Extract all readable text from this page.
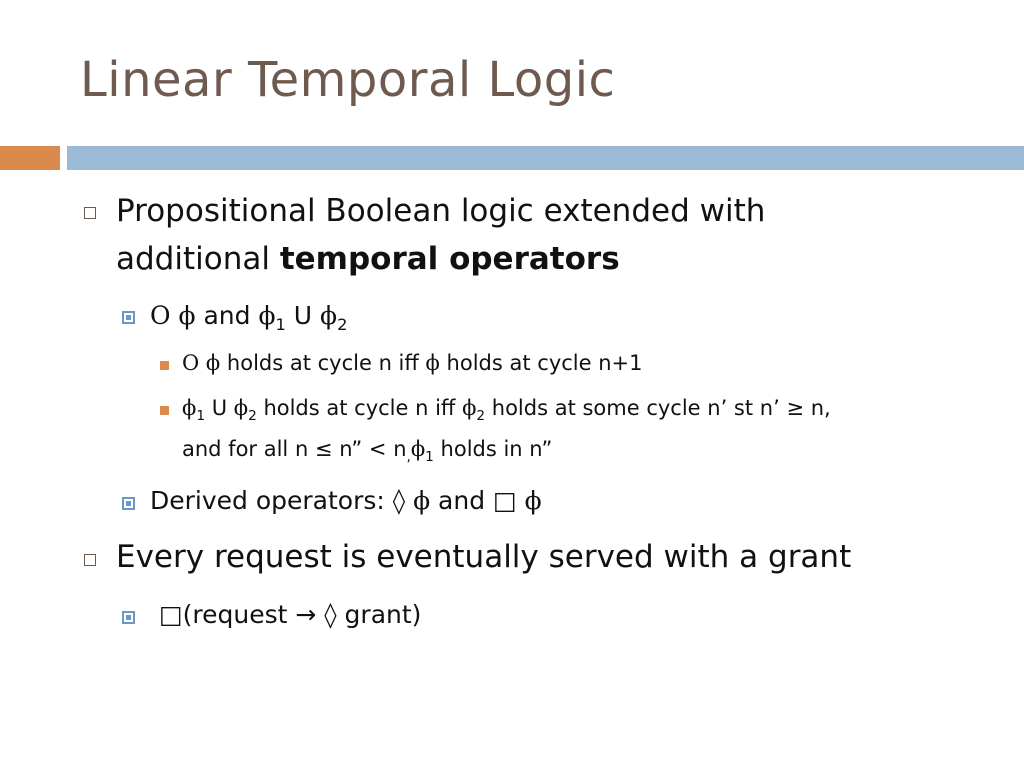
Linear Temporal Logic
Propositional Boolean logic extended with
additional temporal operators
Ο ϕ and $\phi_1$ U $\phi_2$
Ο ϕ holds at cycle n iff ϕ holds at cycle n+1
$\phi_1$ U $\phi_2$ holds at cycle n iff $\phi_2$ holds at some cycle n’ st n’ ≥ n,
and for all n ≤ n” < $n_,\phi_1$ holds in n”
Derived operators: ◊ ϕ and □ ϕ
Every request is eventually served with a grant
□(request → ◊ grant)
